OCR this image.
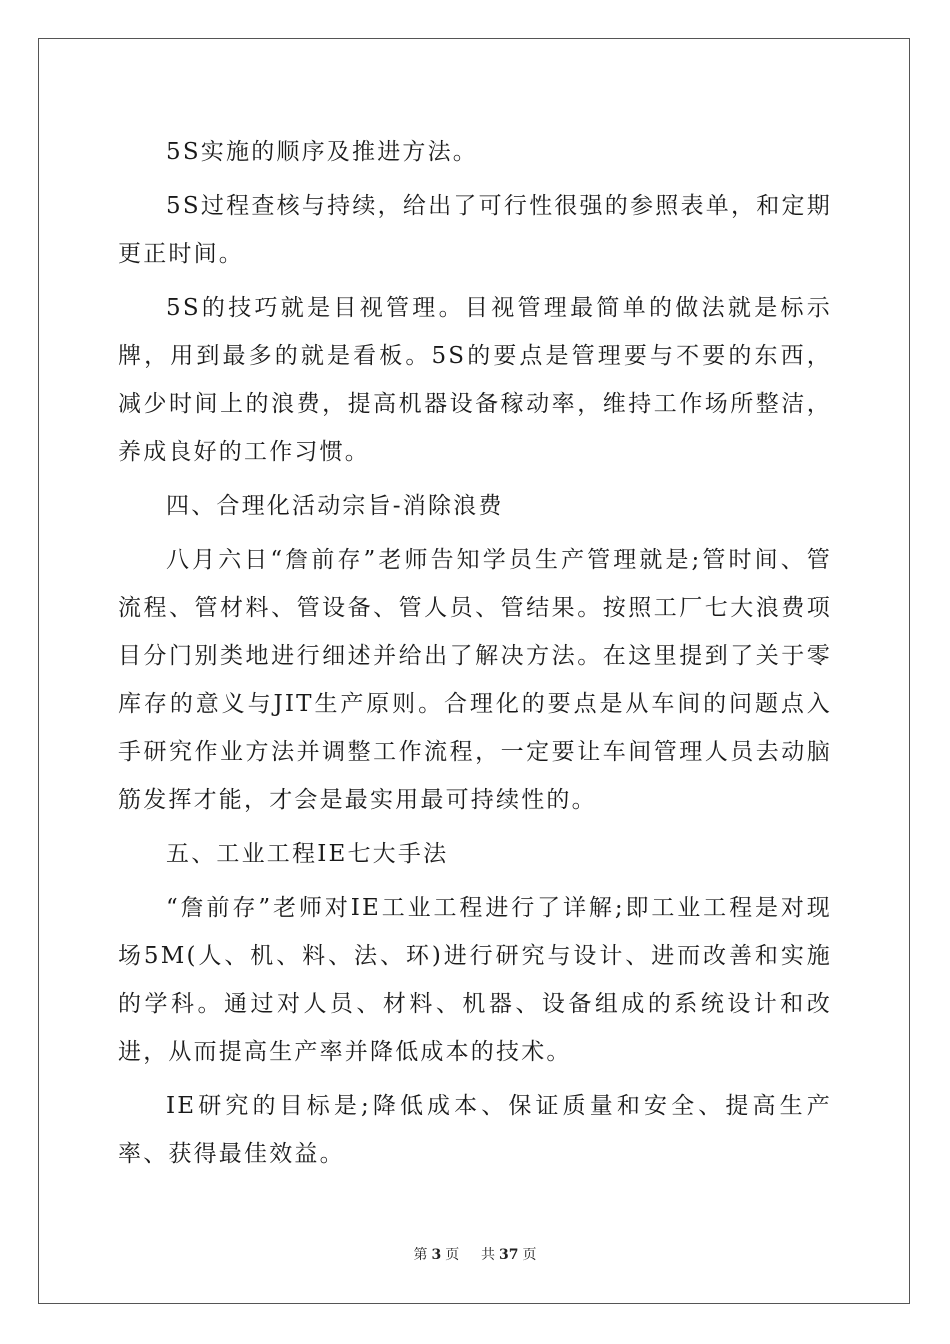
5S实施的顺序及推进方法。

5S过程查核与持续，给出了可行性很强的参照表单，和定期更正时间。

5S的技巧就是目视管理。目视管理最简单的做法就是标示牌，用到最多的就是看板。5S的要点是管理要与不要的东西，减少时间上的浪费，提高机器设备稼动率，维持工作场所整洁，养成良好的工作习惯。

四、合理化活动宗旨-消除浪费

八月六日“詹前存”老师告知学员生产管理就是;管时间、管流程、管材料、管设备、管人员、管结果。按照工厂七大浪费项目分门别类地进行细述并给出了解决方法。在这里提到了关于零库存的意义与JIT生产原则。合理化的要点是从车间的问题点入手研究作业方法并调整工作流程，一定要让车间管理人员去动脑筋发挥才能，才会是最实用最可持续性的。

五、工业工程IE七大手法

“詹前存”老师对IE工业工程进行了详解;即工业工程是对现场5M(人、机、料、法、环)进行研究与设计、进而改善和实施的学科。通过对人员、材料、机器、设备组成的系统设计和改进，从而提高生产率并降低成本的技术。

IE研究的目标是;降低成本、保证质量和安全、提高生产率、获得最佳效益。

第 3 页 共 37 页
